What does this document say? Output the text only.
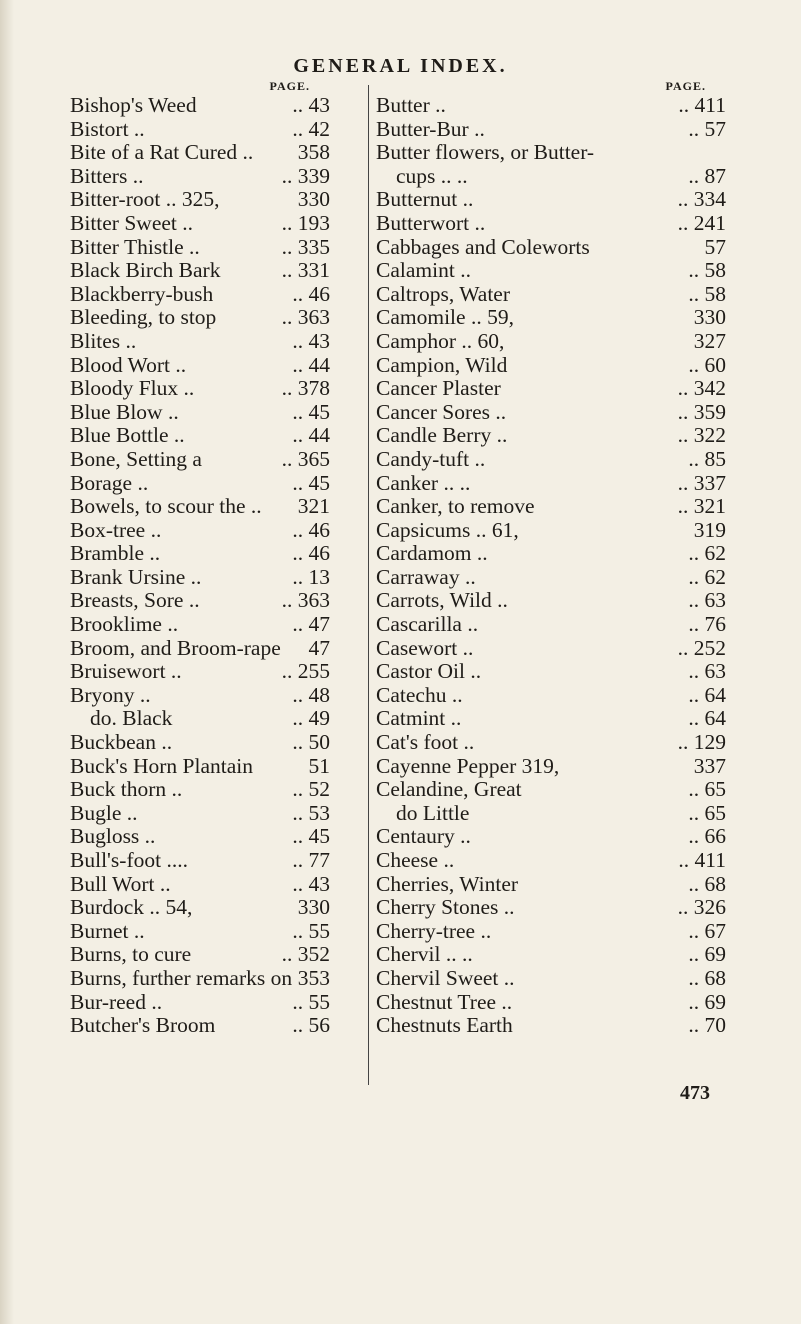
GENERAL INDEX.
PAGE.
Bishop's Weed	.. 43
Bistort ..	.. 42
Bite of a Rat Cured .. 358
Bitters ..	.. 339
Bitter-root .. 325,	330
Bitter Sweet ..	.. 193
Bitter Thistle ..	.. 335
Black Birch Bark	.. 331
Blackberry-bush	.. 46
Bleeding, to stop	.. 363
Blites ..	.. 43
Blood Wort ..	.. 44
Bloody Flux ..	.. 378
Blue Blow ..	.. 45
Blue Bottle ..	.. 44
Bone, Setting a	.. 365
Borage ..	.. 45
Bowels, to scour the .. 321
Box-tree ..	.. 46
Bramble ..	.. 46
Brank Ursine ..	.. 13
Breasts, Sore ..	.. 363
Brooklime ..	.. 47
Broom, and Broom-rape 47
Bruisewort ..	.. 255
Bryony ..	.. 48
do. Black	.. 49
Buckbean ..	.. 50
Buck's Horn Plantain	51
Buck thorn ..	.. 52
Bugle ..	.. 53
Bugloss ..	.. 45
Bull's-foot ....	.. 77
Bull Wort ..	.. 43
Burdock .. 54,	330
Burnet ..	.. 55
Burns, to cure	.. 352
Burns, further remarks on 353
Bur-reed ..	.. 55
Butcher's Broom	.. 56
PAGE.
Butter ..	.. 411
Butter-Bur ..	.. 57
Butter flowers, or Butter-
cups .. ..	.. 87
Butternut ..	.. 334
Butterwort ..	.. 241
Cabbages and Coleworts	57
Calamint ..	.. 58
Caltrops, Water	.. 58
Camomile .. 59,	330
Camphor .. 60,	327
Campion, Wild	.. 60
Cancer Plaster	.. 342
Cancer Sores ..	.. 359
Candle Berry ..	.. 322
Candy-tuft ..	.. 85
Canker .. ..	.. 337
Canker, to remove	.. 321
Capsicums .. 61,	319
Cardamom ..	.. 62
Carraway ..	.. 62
Carrots, Wild ..	.. 63
Cascarilla ..	.. 76
Casewort ..	.. 252
Castor Oil ..	.. 63
Catechu ..	.. 64
Catmint ..	.. 64
Cat's foot ..	.. 129
Cayenne Pepper 319,	337
Celandine, Great	.. 65
do Little	.. 65
Centaury ..	.. 66
Cheese ..	.. 411
Cherries, Winter	.. 68
Cherry Stones ..	.. 326
Cherry-tree ..	.. 67
Chervil .. ..	.. 69
Chervil Sweet ..	.. 68
Chestnut Tree ..	.. 69
Chestnuts Earth	.. 70
473
